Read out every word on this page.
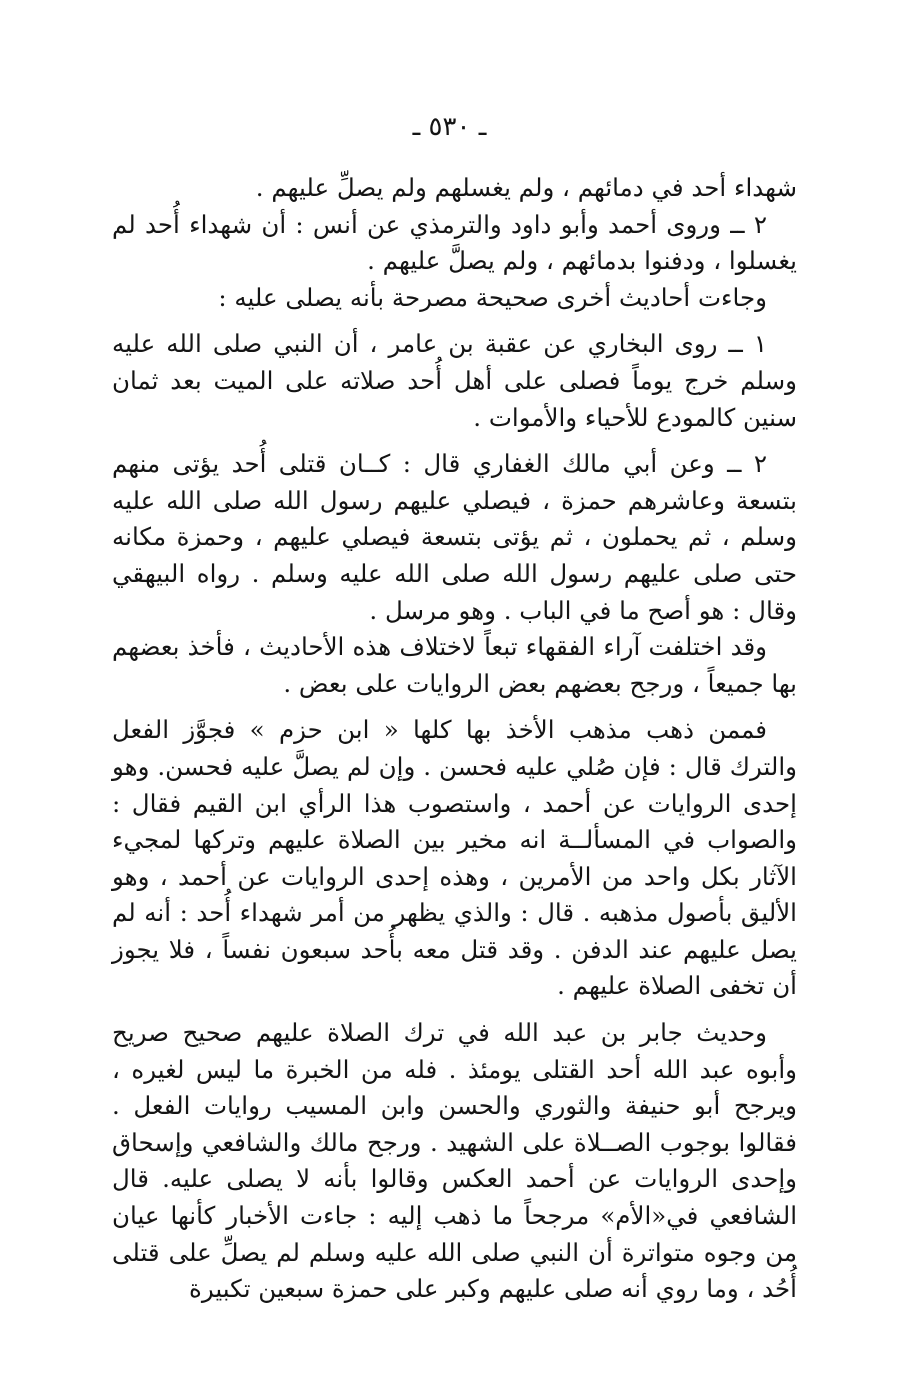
ـ ٥٣٠ ـ

شهداء أحد في دمائهم ، ولم يغسلهم ولم يصلِّ عليهم .

٢ ــ وروى أحمد وأبو داود والترمذي عن أنس : أن شهداء أُحد لم يغسلوا ، ودفنوا بدمائهم ، ولم يصلَّ عليهم .

وجاءت أحاديث أخرى صحيحة مصرحة بأنه يصلى عليه :

١ ــ روى البخاري عن عقبة بن عامر ، أن النبي صلى الله عليه وسلم خرج يوماً فصلى على أهل أُحد صلاته على الميت بعد ثمان سنين كالمودع للأحياء والأموات .

٢ ــ وعن أبي مالك الغفاري قال : كــان قتلى أُحد يؤتى منهم بتسعة وعاشرهم حمزة ، فيصلي عليهم رسول الله صلى الله عليه وسلم ، ثم يحملون ، ثم يؤتى بتسعة فيصلي عليهم ، وحمزة مكانه حتى صلى عليهم رسول الله صلى الله عليه وسلم . رواه البيهقي وقال : هو أصح ما في الباب . وهو مرسل .

وقد اختلفت آراء الفقهاء تبعاً لاختلاف هذه الأحاديث ، فأخذ بعضهم بها جميعاً ، ورجح بعضهم بعض الروايات على بعض .

فممن ذهب مذهب الأخذ بها كلها « ابن حزم » فجوَّز الفعل والترك قال : فإن صُلي عليه فحسن . وإن لم يصلَّ عليه فحسن. وهو إحدى الروايات عن أحمد ، واستصوب هذا الرأي ابن القيم فقال : والصواب في المسألــة انه مخير بين الصلاة عليهم وتركها لمجيء الآثار بكل واحد من الأمرين ، وهذه إحدى الروايات عن أحمد ، وهو الأليق بأصول مذهبه . قال : والذي يظهر من أمر شهداء أُحد : أنه لم يصل عليهم عند الدفن . وقد قتل معه بأُحد سبعون نفساً ، فلا يجوز أن تخفى الصلاة عليهم .

وحديث جابر بن عبد الله في ترك الصلاة عليهم صحيح صريح وأبوه عبد الله أحد القتلى يومئذ . فله من الخبرة ما ليس لغيره ، ويرجح أبو حنيفة والثوري والحسن وابن المسيب روايات الفعل . فقالوا بوجوب الصــلاة على الشهيد . ورجح مالك والشافعي وإسحاق وإحدى الروايات عن أحمد العكس وقالوا بأنه لا يصلى عليه. قال الشافعي في«الأم» مرجحاً ما ذهب إليه : جاءت الأخبار كأنها عيان من وجوه متواترة أن النبي صلى الله عليه وسلم لم يصلِّ على قتلى أُحُد ، وما روي أنه صلى عليهم وكبر على حمزة سبعين تكبيرة
